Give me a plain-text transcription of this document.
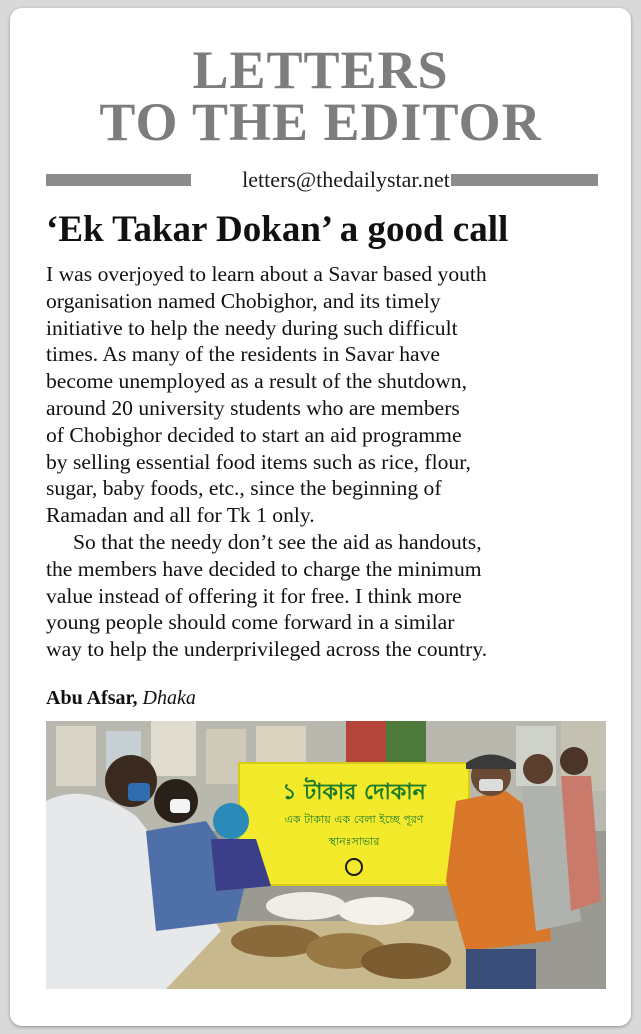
LETTERS
TO THE EDITOR
letters@thedailystar.net
‘Ek Takar Dokan’ a good call

I was overjoyed to learn about a Savar based youth

organisation named Chobighor, and its timely

initiative to help the needy during such difficult

times. As many of the residents in Savar have

become unemployed as a result of the shutdown,

around 20 university students who are members

of Chobighor decided to start an aid programme

by selling essential food items such as rice, flour,

sugar, baby foods, etc., since the beginning of

Ramadan and all for Tk 1 only.

So that the needy don’t see the aid as handouts,

the members have decided to charge the minimum

value instead of offering it for free. I think more

young people should come forward in a similar

way to help the underprivileged across the country.

Abu Afsar, Dhaka
১ টাকার দোকান
এক টাকায় এক বেলা ইচ্ছে পূরণ
স্থানঃসাভার
